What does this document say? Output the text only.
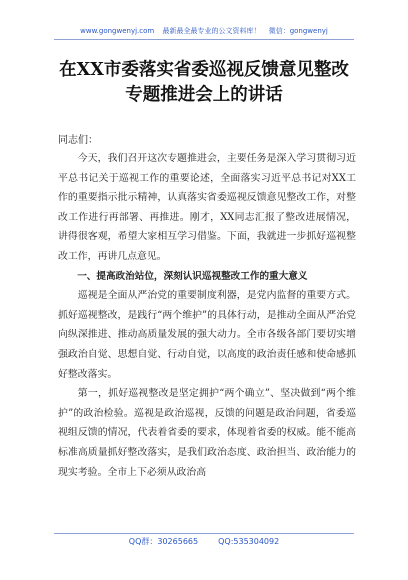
www.gongwenyj.com 最新最全最专业的公文资料库！ 微信：gongwenyj
在XX市委落实省委巡视反馈意见整改专题推进会上的讲话
同志们：

今天，我们召开这次专题推进会，主要任务是深入学习贯彻习近平总书记关于巡视工作的重要论述，全面落实习近平总书记对XX工作的重要指示批示精神，认真落实省委巡视反馈意见整改工作，对整改工作进行再部署、再推进。刚才，XX同志汇报了整改进展情况，讲得很客观，希望大家相互学习借鉴。下面，我就进一步抓好巡视整改工作，再讲几点意见。

一、提高政治站位，深刻认识巡视整改工作的重大意义

巡视是全面从严治党的重要制度利器，是党内监督的重要方式。抓好巡视整改，是践行“两个维护”的具体行动，是推动全面从严治党向纵深推进、推动高质量发展的强大动力。全市各级各部门要切实增强政治自觉、思想自觉、行动自觉，以高度的政治责任感和使命感抓好整改落实。

第一，抓好巡视整改是坚定拥护“两个确立”、坚决做到“两个维护”的政治检验。巡视是政治巡视，反馈的问题是政治问题，省委巡视组反馈的情况，代表着省委的要求，体现着省委的权威。能不能高标准高质量抓好整改落实，是我们政治态度、政治担当、政治能力的现实考验。全市上下必须从政治高

QQ群：30265665	QQ:535304092
